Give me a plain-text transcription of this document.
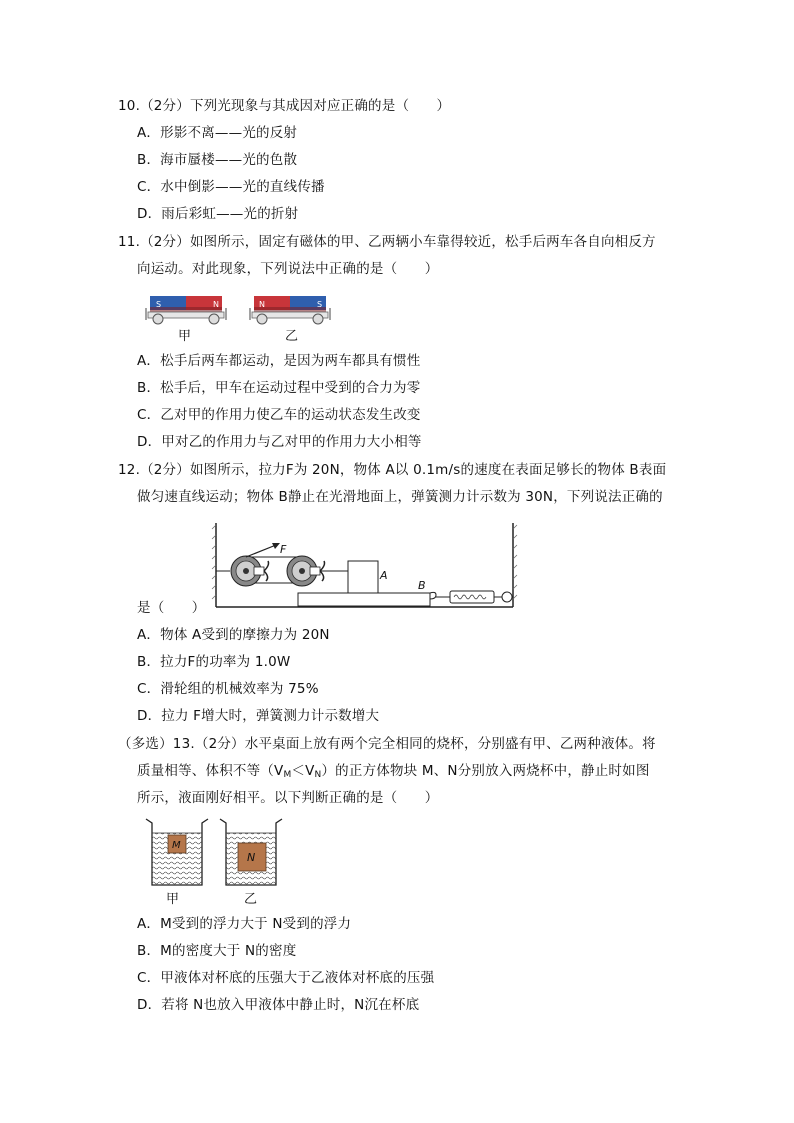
10.（2分）下列光现象与其成因对应正确的是（　　）
A．形影不离——光的反射
B．海市蜃楼——光的色散
C．水中倒影——光的直线传播
D．雨后彩虹——光的折射
11.（2分）如图所示，固定有磁体的甲、乙两辆小车靠得较近，松手后两车各自向相反方
向运动。对此现象，下列说法中正确的是（　　）
S	N
甲
N	S
乙
A．松手后两车都运动，是因为两车都具有惯性
B．松手后，甲车在运动过程中受到的合力为零
C．乙对甲的作用力使乙车的运动状态发生改变
D．甲对乙的作用力与乙对甲的作用力大小相等
12.（2分）如图所示，拉力F为 20N，物体 A以 0.1m/s的速度在表面足够长的物体 B表面
做匀速直线运动；物体 B静止在光滑地面上，弹簧测力计示数为 30N，下列说法正确的
F
A
B
是（　　）
A．物体 A受到的摩擦力为 20N
B．拉力F的功率为 1.0W
C．滑轮组的机械效率为 75%
D．拉力 F增大时，弹簧测力计示数增大
（多选）13.（2分）水平桌面上放有两个完全相同的烧杯，分别盛有甲、乙两种液体。将
质量相等、体积不等$(V_M<V_N)$的正方体物块 M、N分别放入两烧杯中，静止时如图
所示，液面刚好相平。以下判断正确的是（　　）
M
甲
N
乙
A．M受到的浮力大于 N受到的浮力
B．M的密度大于 N的密度
C．甲液体对杯底的压强大于乙液体对杯底的压强
D．若将 N也放入甲液体中静止时，N沉在杯底
